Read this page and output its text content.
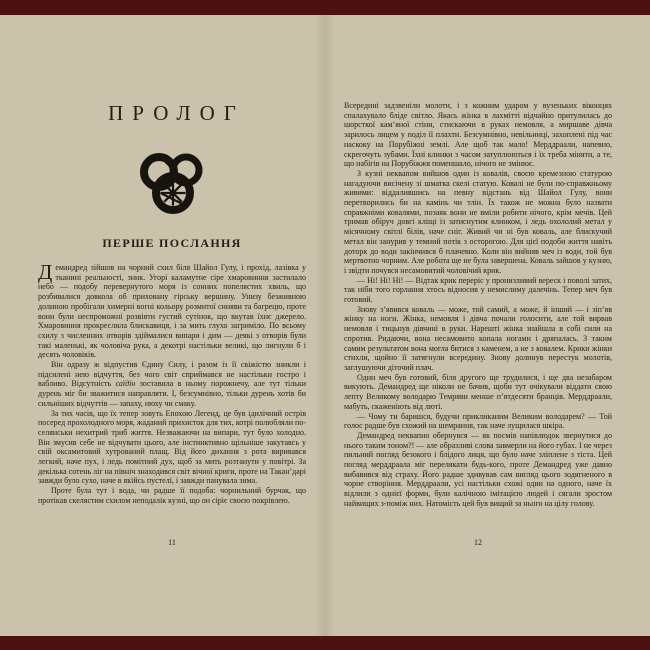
ПРОЛОГ
ПЕРШЕ ПОСЛАННЯ

Демандред зійшов на чорний схил біля Шайол Гулу, і прохід, лазівка у тканині реальності, зник. Угорі каламутне сіре хмаровиння застилало небо — подобу перевернутого моря із сонних попелястих хвиль, що розбивалися довкола об приховану гірську вершину. Унизу безживною долиною пробігали химерні вогні кольору розмитої синяви та багрецю, проте вони були неспроможні розвіяти густий сутінок, що вкутав їхнє джерело. Хмаровиння прокреслила блискавиця, і за мить глухо загриміло. По всьому схилу з численних отворів здіймалися випари і дим — деякі з отворів були такі маленькі, як чоловіча рука, а декотрі настільки великі, що лигнули б і десять чоловіків.

Він одразу ж відпустив Єдину Силу, і разом із її свіжістю зникли і підсилені нею відчуття, без чого світ сприймався не настільки гостро і вабливо. Відсутність саїдін зоставила в ньому порожнечу, але тут тільки дурень міг би зважитися направляти. І, безсумнівно, тільки дурень хотів би сильніших відчуттів — запаху, нюху чи смаку.

За тих часів, що їх тепер зовуть Епохою Легенд, це був ідилічний острів посеред прохолодного моря, жаданий прихисток для тих, котрі полюбляли по-селянськи нехитрий триб життя. Незважаючи на випари, тут було холодно. Він змусив себе не відчувати цього, але інстинктивно щільніше закутавсь у свій оксамитовий хутрований плащ. Від його дихання з рота виривався легкий, наче пух, і ледь помітний дух, щоб за мить розтанути у повітрі. За декілька сотень ліг на північ знаходився світ вічної криги, проте на Такан’дарі завжди було сухо, наче в якійсь пустелі, і завжди панувала зима.

Проте була тут і вода, чи радше її подоба: чорнильний бурчак, що протікав скелястим схилом неподалік кузні, що он сіріє своєю покрівлею.

11

Всередині задзвеніли молоти, і з кожним ударом у вузеньких віконцях спалахувало бліде світло. Якась жінка в лахмітті відчайно притулилась до шорсткої кам’яної стіни, стискаючи в руках немовля, а миршаве дівча зарилось лицем у поділ її плахти. Безсумнівно, невільниці, захоплені під час наскоку на Порубіжні землі. Але щоб так мало! Мерддраали, напевно, скрегочуть зубами. Їхні клинки з часом затуплюються і їх треба міняти, а те, що набігів на Порубіжжя поменшало, нічого не змінює.

З кузні неквапом вийшов один із ковалів, своєю кремезною статурою нагадуючи висічену зі шматка скелі статую. Ковалі не були по-справжньому живими: віддалившись на певну відстань від Шайол Гулу, вони перетворились би на камінь чи тлін. Їх також не можна було назвати справжніми ковалями, позаяк вони не вміли робити нічого, крім мечів. Цей тримав обіруч довгі кліщі із затиснутим клинком, і ледь охололий метал у місячному світлі білів, наче сніг. Живий чи ні був коваль, але блискучий метал він занурив у темний потік з осторогою. Для цієї подоби життя навіть доторк до води закінчився б плачевно. Коли він вийняв меч із води, той був мертвотно чорним. Але робота ще не була завершена. Коваль зайшов у кузню, і звідти почувся несамовитий чоловічий крик.

— Ні! Ні! Ні! — Відтак крик переріс у пронизливий вереск і поволі затих, так ніби того горлання хтось відносив у немислиму далечінь. Тепер меч був готовий.

Знову з’явився коваль — може, той самий, а може, й інший — і зіп’яв жінку на ноги. Жінка, немовля і дівча почали голосити, але той вирвав немовля і тицьнув дівчині в руки. Нарешті жінка знайшла в собі сили на спротив. Ридаючи, вона несамовито копала ногами і дряпалась. З таким самим результатом вона могла битися з каменем, а не з ковалем. Крики жінки стихли, щойно її затягнули всередину. Знову долинув перестук молотів, заглушуючи діточий плач.

Один меч був готовий, біля другого ще трудилися, і ще два незабаром викують. Демандред ще ніколи не бачив, щоби тут очікували віддати свою лепту Великому володарю Темряви менше п’ятдесяти бранців. Мерддраали, мабуть, скаженіють від люті.

— Чому ти баришся, будучи прикликаним Великим володарем? — Той голос радше був схожий на шемрання, так наче лущилася шкіра.

Демандред неквапно обернувся — як посмів напівлюдок звернутися до нього таким тоном?! — але образливі слова завмерли на його губах. І не через пильний погляд безокого і блідого лиця, що було наче зліплене з тіста. Цей погляд мерддраала міг перелякати будь-кого, проте Демандред уже давно вибавився від страху. Його радше здивував сам вигляд цього зодягненого в чорне створіння. Мерддраали, усі настільки схожі один на одного, наче їх відлили з однієї форми, були калічною імітацією людей і сягали зростом найвищих з-поміж них. Натомість цей був вищий за нього на цілу голову.

12
